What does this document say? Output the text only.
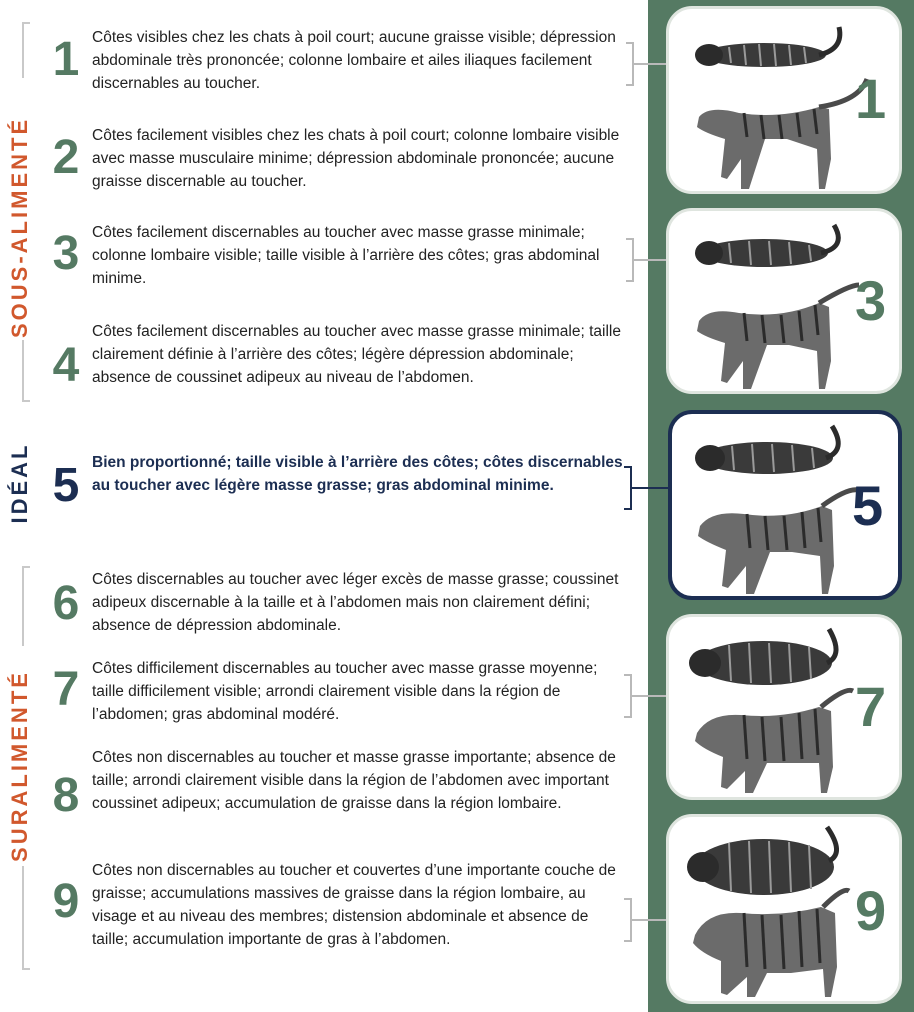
1
3
5
7
9
SOUS-ALIMENTÉ
IDÉAL
SURALIMENTÉ
1 Côtes visibles chez les chats à poil court; aucune graisse visible; dépression abdominale très prononcée; colonne lombaire et ailes iliaques facilement discernables au toucher.
2 Côtes facilement visibles chez les chats à poil court; colonne lombaire visible avec masse musculaire minime; dépression abdominale prononcée; aucune graisse discernable au toucher.
3 Côtes facilement discernables au toucher avec masse grasse minimale; colonne lombaire visible; taille visible à l’arrière des côtes; gras abdominal minime.
4
Côtes facilement discernables au toucher avec masse grasse minimale; taille clairement définie à l’arrière des côtes; légère dépression abdominale; absence de coussinet adipeux au niveau de l’abdomen.
5 Bien proportionné; taille visible à l’arrière des côtes; côtes discernables au toucher avec légère masse grasse; gras abdominal minime.
6 Côtes discernables au toucher avec léger excès de masse grasse; coussinet adipeux discernable à la taille et à l’abdomen mais non clairement défini; absence de dépression abdominale.
7 Côtes difficilement discernables au toucher avec masse grasse moyenne; taille difficilement visible; arrondi clairement visible dans la région de l’abdomen; gras abdominal modéré.
8
Côtes non discernables au toucher et masse grasse importante; absence de taille; arrondi clairement visible dans la région de l’abdomen avec important coussinet adipeux; accumulation de graisse dans la région lombaire.
9
Côtes non discernables au toucher et couvertes d’une importante couche de graisse; accumulations massives de graisse dans la région lombaire, au visage et au niveau des membres; distension abdominale et absence de taille; accumulation importante de gras à l’abdomen.
